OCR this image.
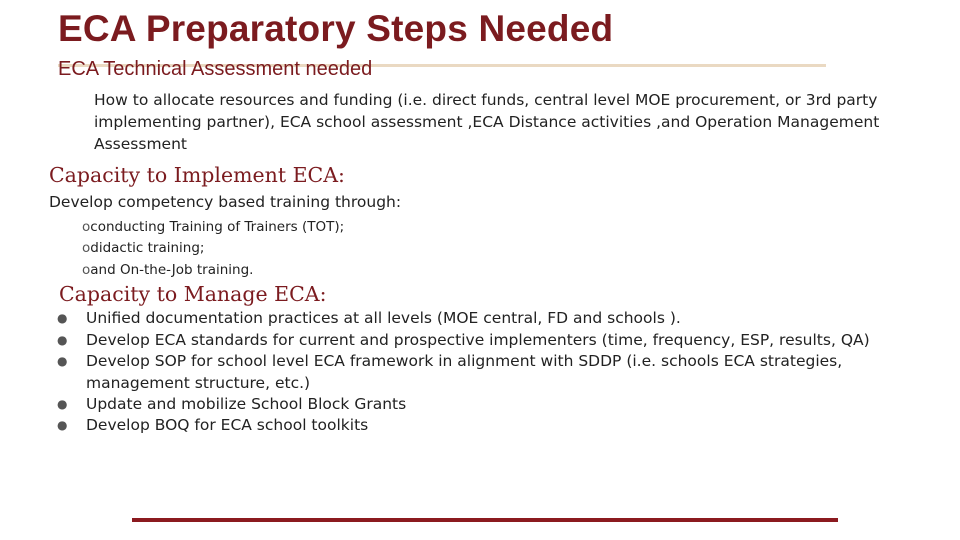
ECA Preparatory Steps Needed
ECA Technical Assessment needed
How to allocate resources and funding (i.e. direct funds, central level MOE procurement, or 3rd party implementing partner), ECA school assessment ,ECA Distance activities ,and Operation Management Assessment
Capacity to Implement ECA:
Develop competency based training through:
oconducting Training of Trainers (TOT);
odidactic training;
oand On-the-Job training.
Capacity to Manage ECA:
● Unified documentation practices at all levels (MOE central, FD and schools ).
● Develop ECA standards for current and prospective implementers (time, frequency, ESP, results, QA)
● Develop SOP for school level ECA framework in alignment with SDDP (i.e. schools ECA strategies, management structure, etc.)
● Update and mobilize School Block Grants
● Develop BOQ for ECA school toolkits
